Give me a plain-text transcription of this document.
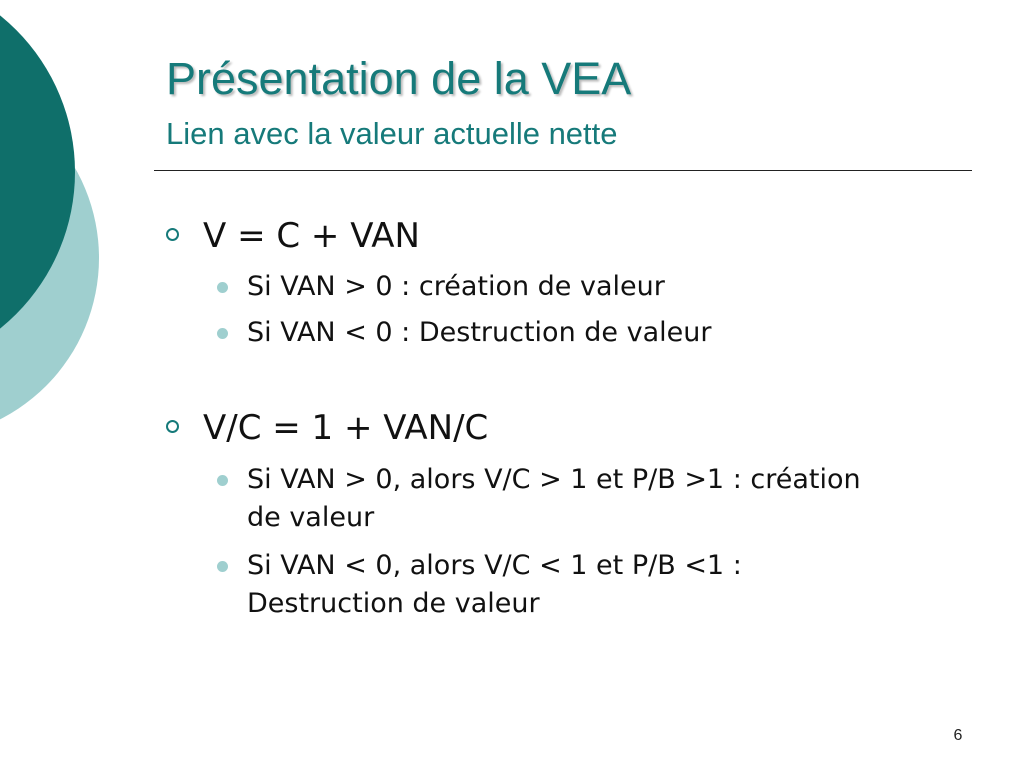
Présentation de la VEA
Lien avec la valeur actuelle nette
V = C + VAN
Si VAN > 0 : création de valeur
Si VAN < 0 : Destruction de valeur
V/C = 1 + VAN/C
Si VAN > 0, alors V/C > 1 et P/B >1 : création de valeur
Si VAN < 0, alors V/C < 1 et P/B <1 : Destruction de valeur
6
